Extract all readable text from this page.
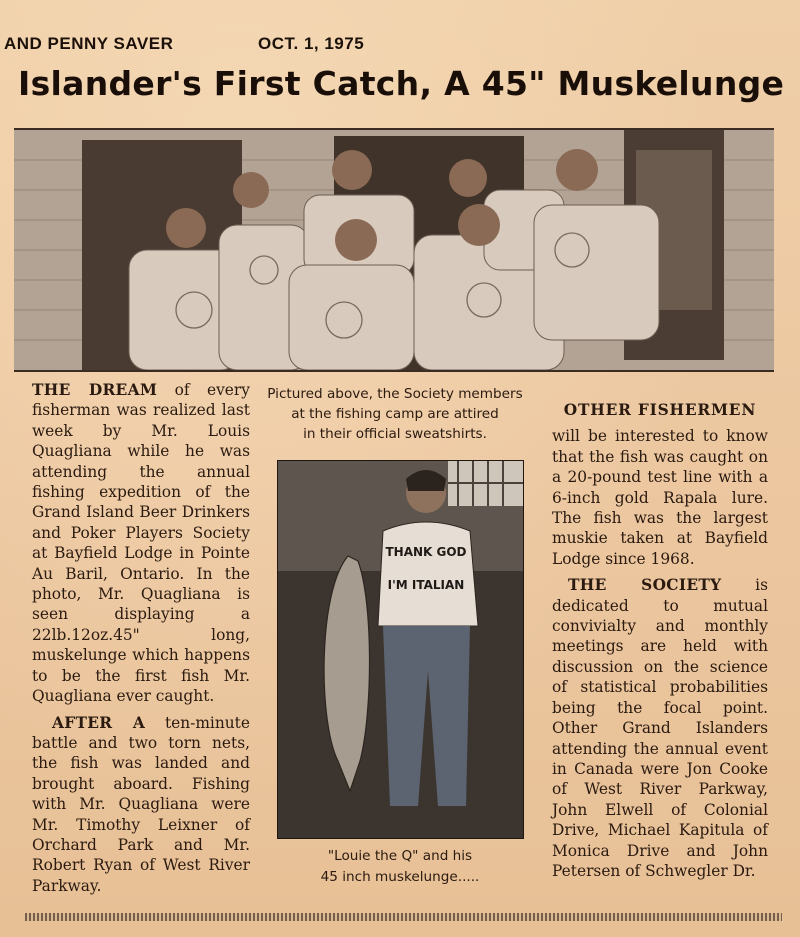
AND PENNY SAVER	OCT. 1, 1975
Islander's First Catch, A 45" Muskelunge

THE DREAM of every fisherman was realized last week by Mr. Louis Quagliana while he was attending the annual fishing expedition of the Grand Island Beer Drinkers and Poker Players Society at Bayfield Lodge in Pointe Au Baril, Ontario. In the photo, Mr. Quagliana is seen displaying a 22lb.12oz.45" long, muskelunge which happens to be the first fish Mr. Quagliana ever caught.

AFTER A ten-minute battle and two torn nets, the fish was landed and brought aboard. Fishing with Mr. Quagliana were Mr. Timothy Leixner of Orchard Park and Mr. Robert Ryan of West River Parkway.

Pictured above, the Society members
at the fishing camp are attired
in their official sweatshirts.
THANK GOD
I'M ITALIAN
"Louie the Q" and his
45 inch muskelunge.....

OTHER FISHERMEN

will be interested to know that the fish was caught on a 20-pound test line with a 6-inch gold Rapala lure. The fish was the largest muskie taken at Bayfield Lodge since 1968.

THE SOCIETY is dedicated to mutual convivialty and monthly meetings are held with discussion on the science of statistical probabilities being the focal point. Other Grand Islanders attending the annual event in Canada were Jon Cooke of West River Parkway, John Elwell of Colonial Drive, Michael Kapitula of Monica Drive and John Petersen of Schwegler Dr.
